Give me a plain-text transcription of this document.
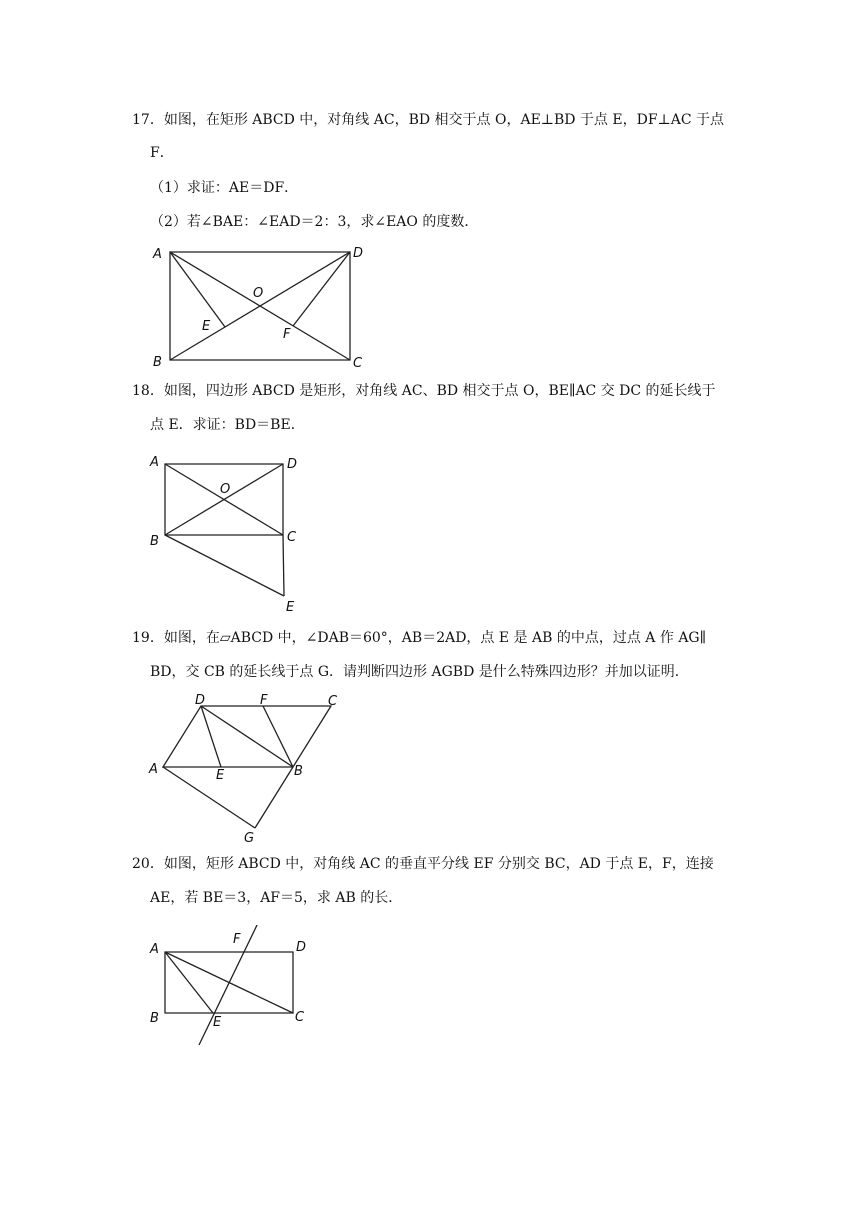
17．如图，在矩形 ABCD 中，对角线 AC，BD 相交于点 O，AE⊥BD 于点 E，DF⊥AC 于点
F．
（1）求证：AE＝DF．
（2）若∠BAE：∠EAD＝2：3，求∠EAO 的度数．
A	D
O
E
F
B	C
18．如图，四边形 ABCD 是矩形，对角线 AC、BD 相交于点 O，BE∥AC 交 DC 的延长线于
点 E．求证：BD＝BE．
A	D
O
B	C
E
19．如图，在▱ABCD 中，∠DAB＝60°，AB＝2AD，点 E 是 AB 的中点，过点 A 作 AG∥
BD，交 CB 的延长线于点 G．请判断四边形 AGBD 是什么特殊四边形？并加以证明．
D	F	C
A	E	B
G
20．如图，矩形 ABCD 中，对角线 AC 的垂直平分线 EF 分别交 BC，AD 于点 E，F，连接
AE，若 BE＝3，AF＝5，求 AB 的长．
A
F
D
B	E	C
